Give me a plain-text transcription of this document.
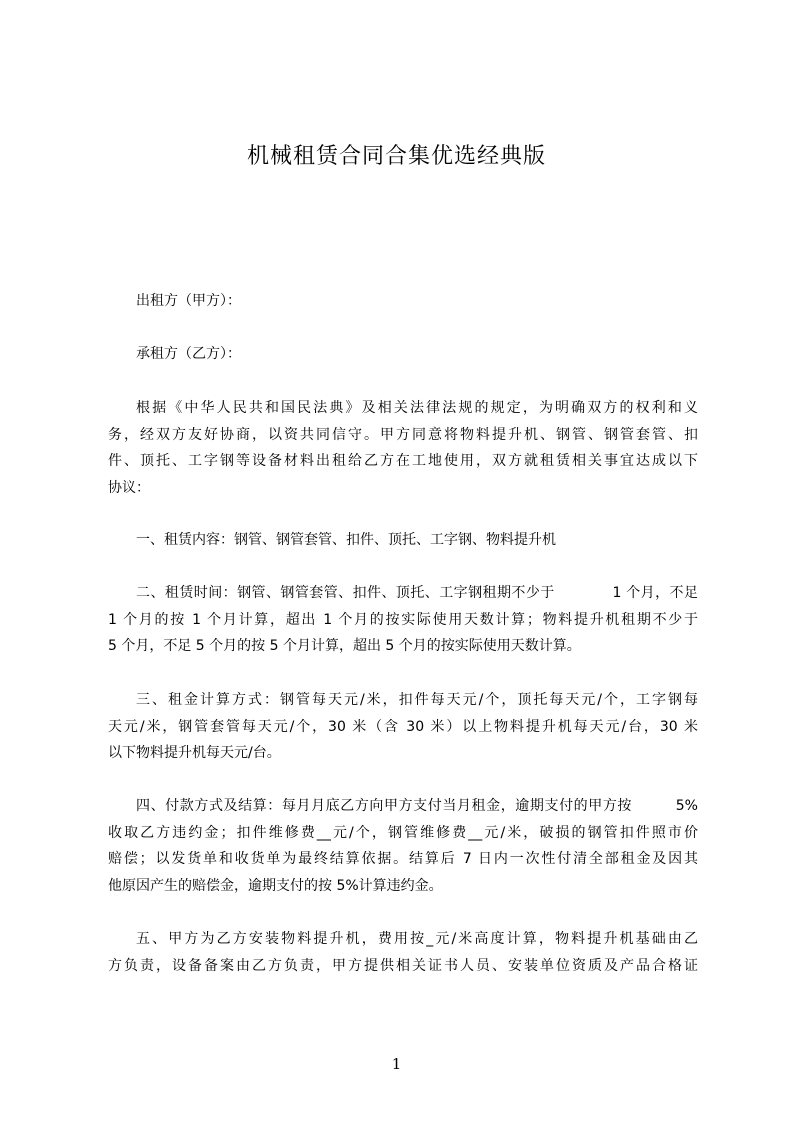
机械租赁合同合集优选经典版

出租方（甲方）：

承租方（乙方）：

根据《中华人民共和国民法典》及相关法律法规的规定，为明确双方的权利和义
务，经双方友好协商，以资共同信守。甲方同意将物料提升机、钢管、钢管套管、扣
件、顶托、工字钢等设备材料出租给乙方在工地使用，双方就租赁相关事宜达成以下
协议：

一、租赁内容：钢管、钢管套管、扣件、顶托、工字钢、物料提升机

二、租赁时间：钢管、钢管套管、扣件、顶托、工字钢租期不少于　　　　1 个月，不足
1 个月的按 1 个月计算，超出 1 个月的按实际使用天数计算；物料提升机租期不少于
5 个月，不足 5 个月的按 5 个月计算，超出 5 个月的按实际使用天数计算。

三、租金计算方式：钢管每天元/米，扣件每天元/个，顶托每天元/个，工字钢每
天元/米，钢管套管每天元/个，30 米（含 30 米）以上物料提升机每天元/台，30 米
以下物料提升机每天元/台。

四、付款方式及结算：每月月底乙方向甲方支付当月租金，逾期支付的甲方按　　　5%
收取乙方违约金；扣件维修费__元/个，钢管维修费__元/米，破损的钢管扣件照市价
赔偿；以发货单和收货单为最终结算依据。结算后 7 日内一次性付清全部租金及因其
他原因产生的赔偿金，逾期支付的按 5%计算违约金。

五、甲方为乙方安装物料提升机，费用按_元/米高度计算，物料提升机基础由乙
方负责，设备备案由乙方负责，甲方提供相关证书人员、安装单位资质及产品合格证

1
